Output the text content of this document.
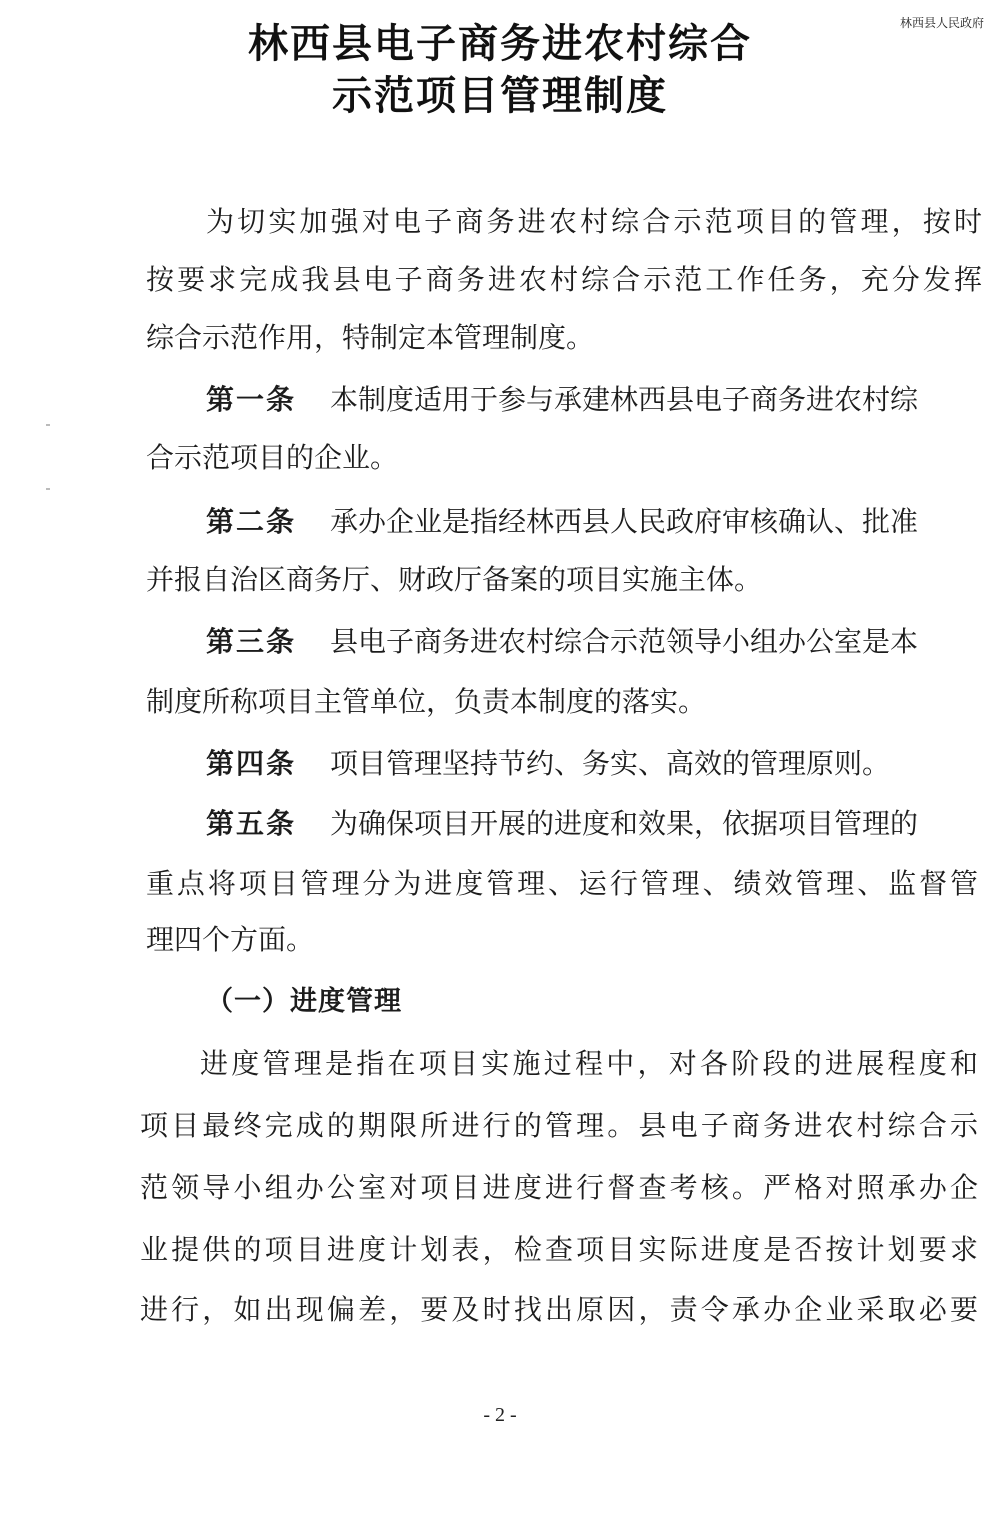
林西县人民政府
林西县电子商务进农村综合
示范项目管理制度
为切实加强对电子商务进农村综合示范项目的管理，按时
按要求完成我县电子商务进农村综合示范工作任务，充分发挥
综合示范作用，特制定本管理制度。
第一条 本制度适用于参与承建林西县电子商务进农村综
合示范项目的企业。
第二条 承办企业是指经林西县人民政府审核确认、批准
并报自治区商务厅、财政厅备案的项目实施主体。
第三条 县电子商务进农村综合示范领导小组办公室是本
制度所称项目主管单位，负责本制度的落实。
第四条 项目管理坚持节约、务实、高效的管理原则。
第五条 为确保项目开展的进度和效果，依据项目管理的
重点将项目管理分为进度管理、运行管理、绩效管理、监督管
理四个方面。
（一）进度管理
进度管理是指在项目实施过程中，对各阶段的进展程度和
项目最终完成的期限所进行的管理。县电子商务进农村综合示
范领导小组办公室对项目进度进行督查考核。严格对照承办企
业提供的项目进度计划表，检查项目实际进度是否按计划要求
进行，如出现偏差，要及时找出原因，责令承办企业采取必要
- 2 -
